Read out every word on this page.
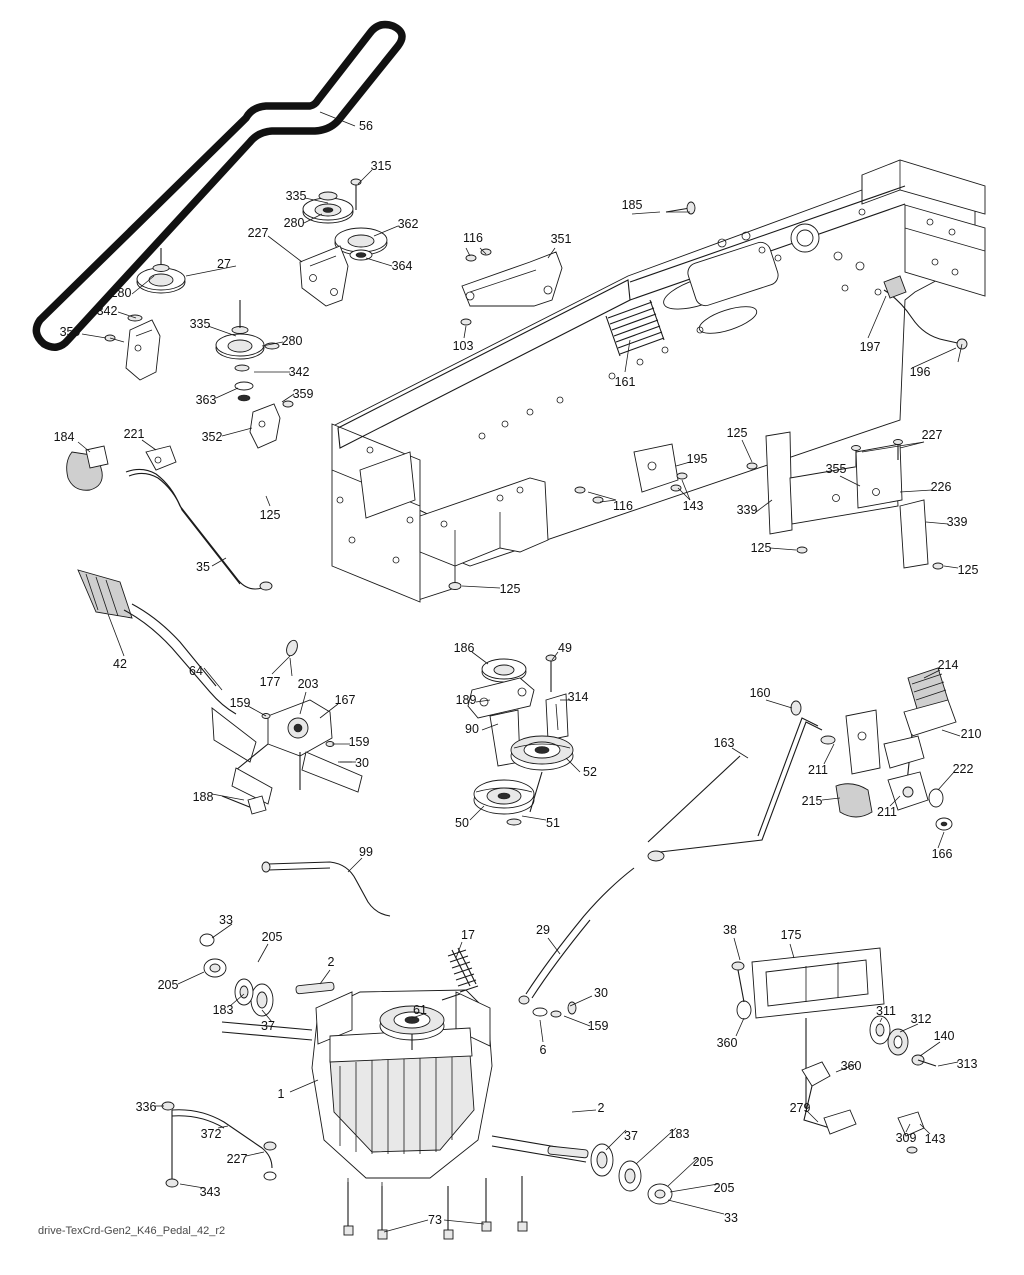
56
315
335
280	362
227
364
116	351
185
27
280
342
335
359
280
342
363	359
352
103
161
197
196
184	221
125
116
195
143
125	227
355
226
339
339
125
125
35
125
42	64
177 203
167
159
159
30
188
186	49
189	314
90
52
50	51
160
214
210
163
211	222
215
211
166
99
33
205
205
183
37
2
17
61
29
30
159
6
38	175
360
311
312
140
360	313
1
336
372
227
343
279
309 143
2
37 183
205
205
33
73
drive-TexCrd-Gen2_K46_Pedal_42_r2
